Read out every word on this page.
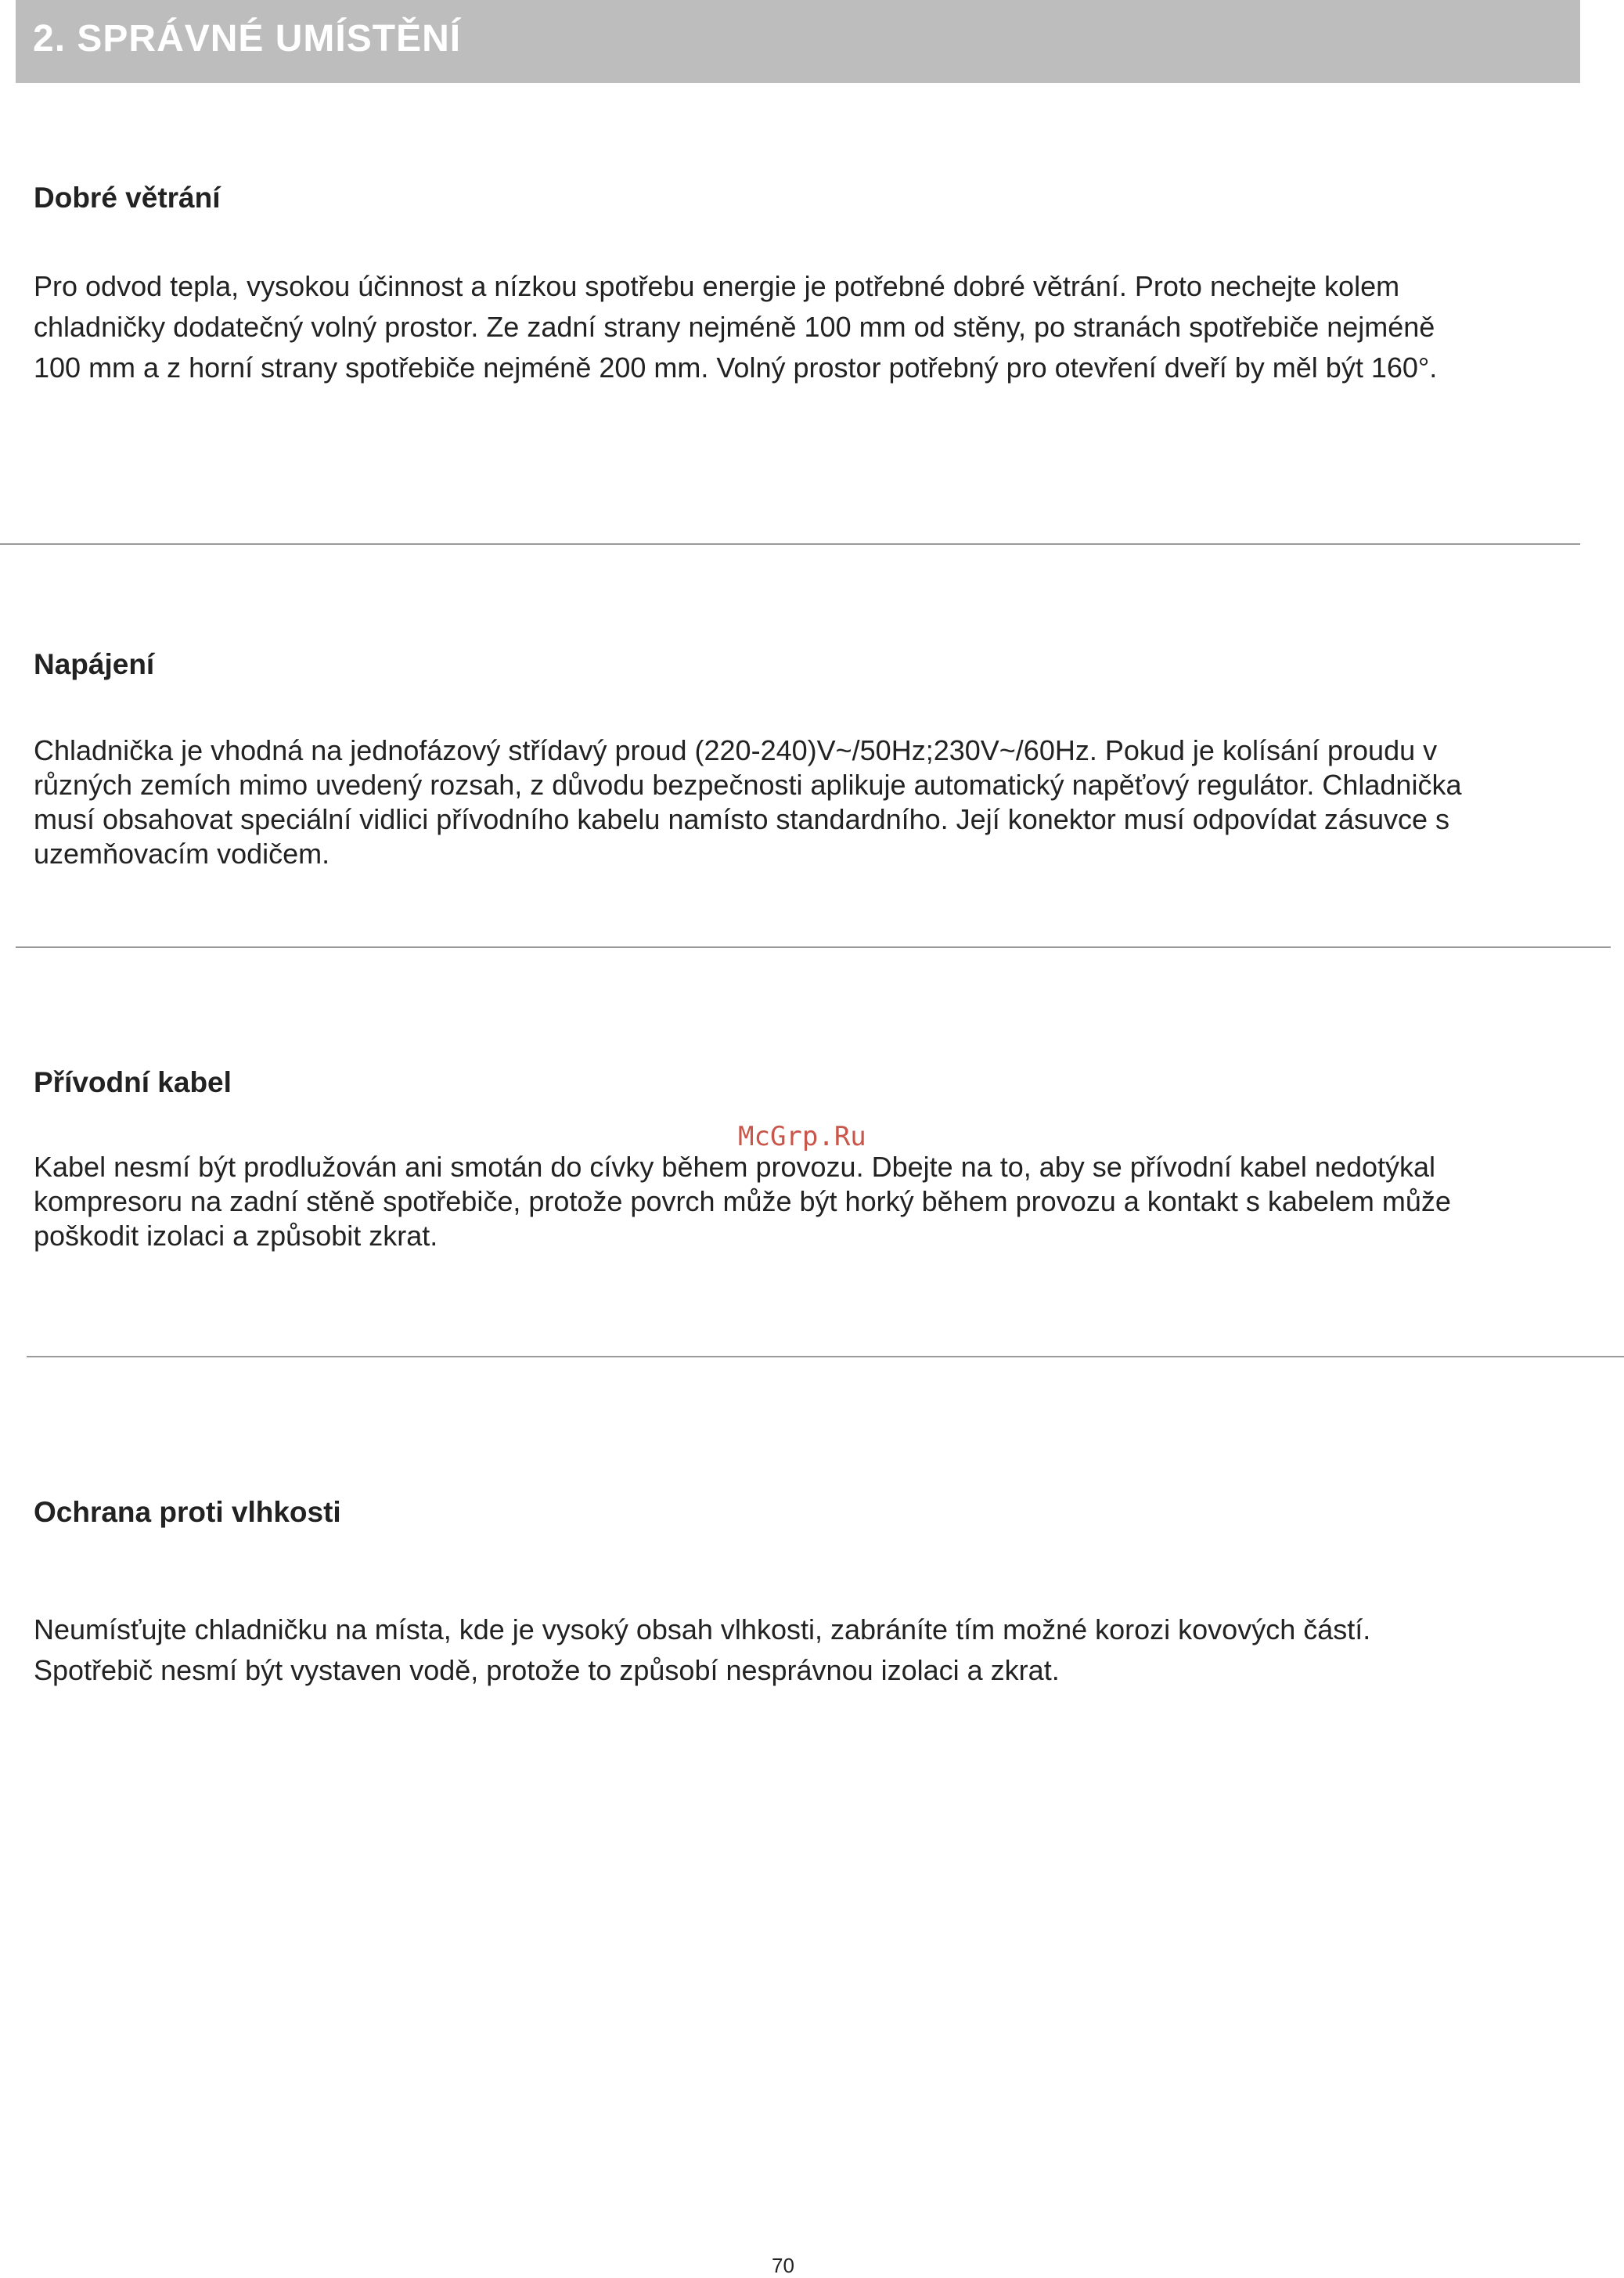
2. SPRÁVNÉ UMÍSTĚNÍ
Dobré větrání
Pro odvod tepla, vysokou účinnost a nízkou spotřebu energie je potřebné dobré větrání. Proto nechejte kolem
chladničky dodatečný volný prostor. Ze zadní strany nejméně 100 mm od stěny, po stranách spotřebiče nejméně
100 mm a z horní strany spotřebiče nejméně 200 mm. Volný prostor potřebný pro otevření dveří by měl být 160°.
Napájení
Chladnička je vhodná na jednofázový střídavý proud (220-240)V~/50Hz;230V~/60Hz. Pokud je kolísání proudu v
různých zemích mimo uvedený rozsah, z důvodu bezpečnosti aplikuje automatický napěťový regulátor. Chladnička
musí obsahovat speciální vidlici přívodního kabelu namísto standardního. Její konektor musí odpovídat zásuvce s
uzemňovacím vodičem.
Přívodní kabel
Kabel nesmí být prodlužován ani smotán do cívky během provozu. Dbejte na to, aby se přívodní kabel nedotýkal
kompresoru na zadní stěně spotřebiče, protože povrch může být horký během provozu a kontakt s kabelem může
poškodit izolaci a způsobit zkrat.
Ochrana proti vlhkosti
Neumísťujte chladničku na místa, kde je vysoký obsah vlhkosti, zabráníte tím možné korozi kovových částí.
Spotřebič nesmí být vystaven vodě, protože to způsobí nesprávnou izolaci a zkrat.
McGrp.Ru
70
